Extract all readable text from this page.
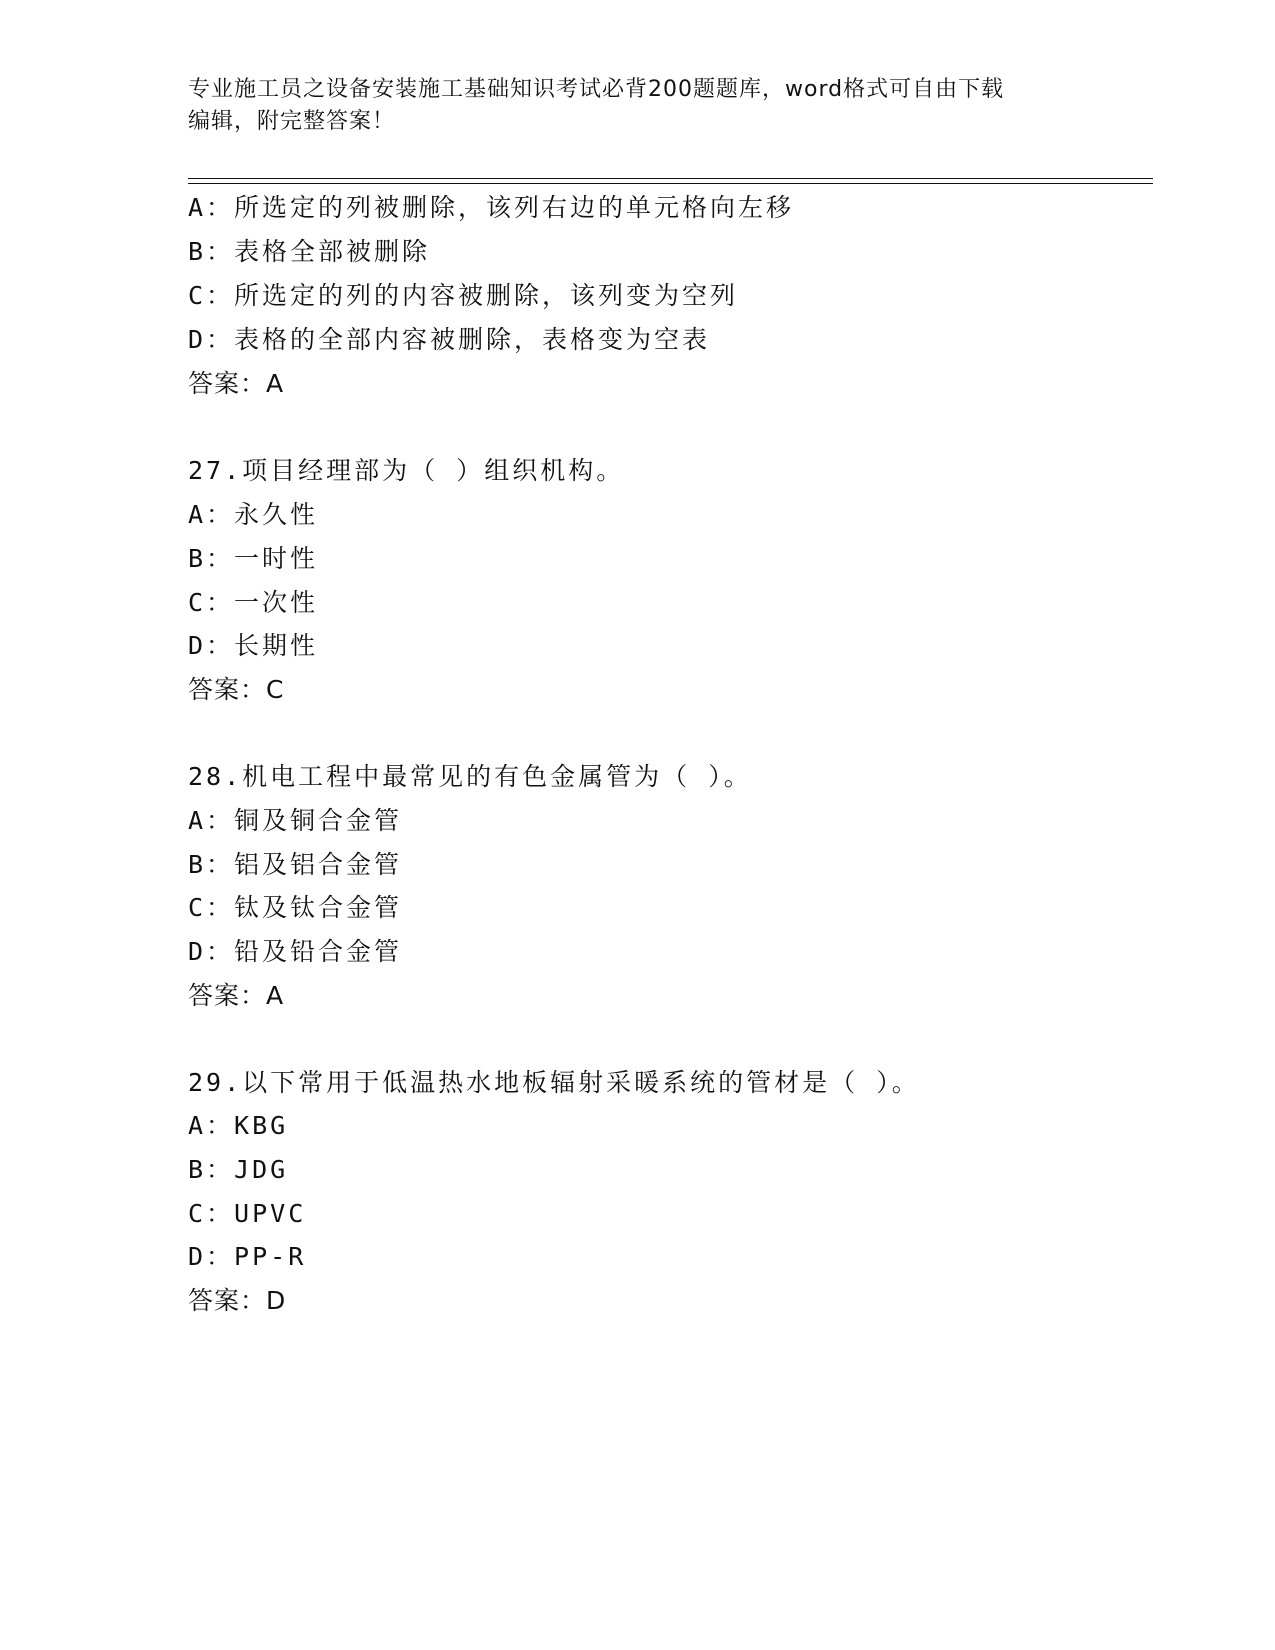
专业施工员之设备安装施工基础知识考试必背200题题库，word格式可自由下载
编辑，附完整答案！
A：所选定的列被删除，该列右边的单元格向左移
B：表格全部被删除
C：所选定的列的内容被删除，该列变为空列
D：表格的全部内容被删除，表格变为空表
答案：A
27.项目经理部为（ ）组织机构。
A：永久性
B：一时性
C：一次性
D：长期性
答案：C
28.机电工程中最常见的有色金属管为（ ）。
A：铜及铜合金管
B：铝及铝合金管
C：钛及钛合金管
D：铅及铅合金管
答案：A
29.以下常用于低温热水地板辐射采暖系统的管材是（ ）。
A：KBG
B：JDG
C：UPVC
D：PP-R
答案：D
